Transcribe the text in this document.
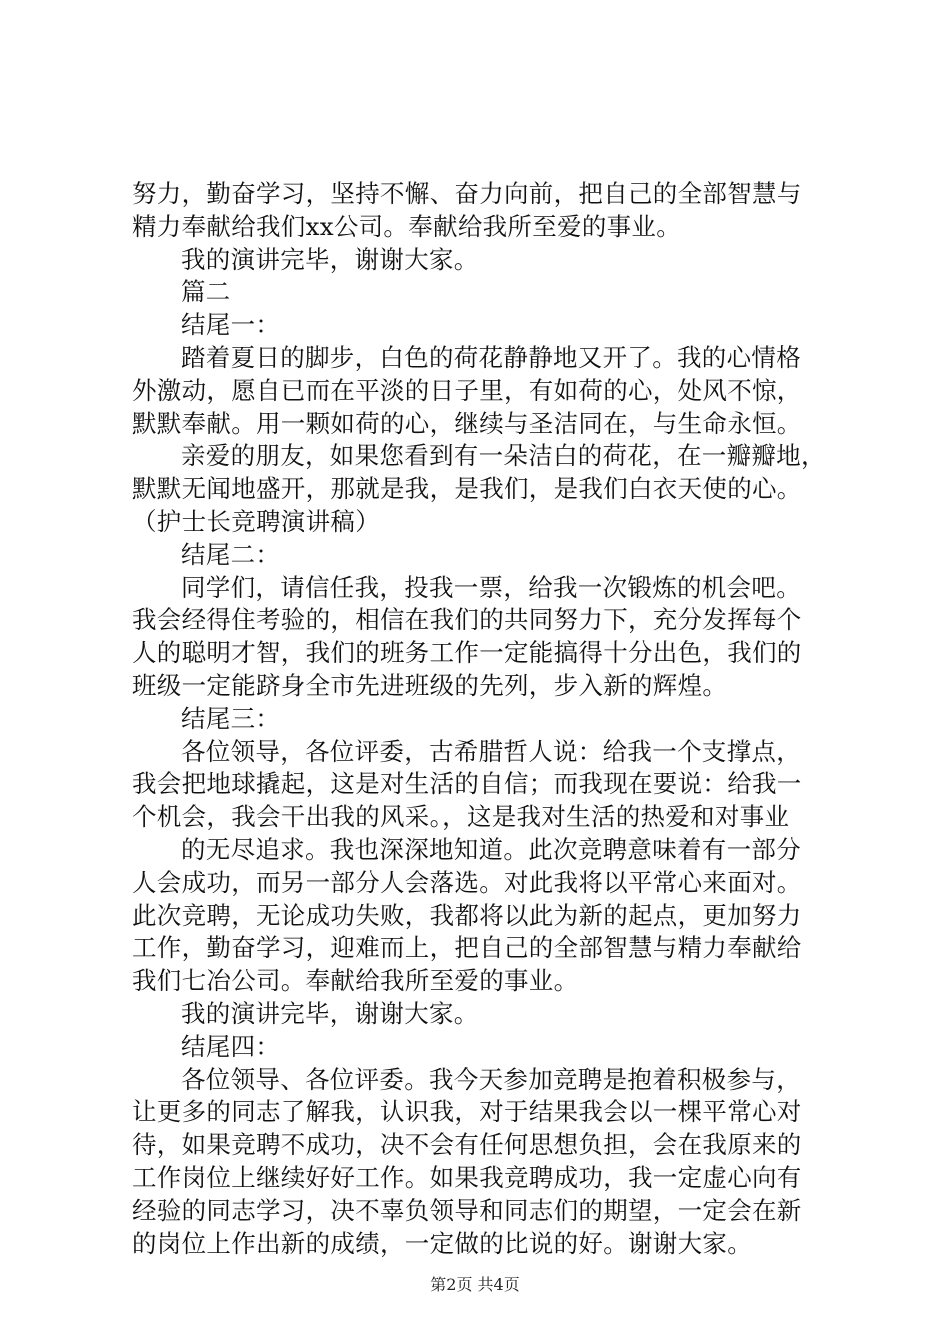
努力，勤奋学习，坚持不懈、奋力向前，把自己的全部智慧与
精力奉献给我们xx公司。奉献给我所至爱的事业。
我的演讲完毕，谢谢大家。
篇二
结尾一：
踏着夏日的脚步，白色的荷花静静地又开了。我的心情格
外激动，愿自已而在平淡的日子里，有如荷的心，处风不惊，
默默奉献。用一颗如荷的心，继续与圣洁同在，与生命永恒。
亲爱的朋友，如果您看到有一朵洁白的荷花，在一瓣瓣地，
默默无闻地盛开，那就是我，是我们，是我们白衣天使的心。
（护士长竞聘演讲稿）
结尾二：
同学们，请信任我，投我一票，给我一次锻炼的机会吧。
我会经得住考验的，相信在我们的共同努力下，充分发挥每个
人的聪明才智，我们的班务工作一定能搞得十分出色，我们的
班级一定能跻身全市先进班级的先列，步入新的辉煌。
结尾三：
各位领导，各位评委，古希腊哲人说：给我一个支撑点，
我会把地球撬起，这是对生活的自信；而我现在要说：给我一
个机会，我会干出我的风采。，这是我对生活的热爱和对事业
的无尽追求。我也深深地知道。此次竞聘意味着有一部分
人会成功，而另一部分人会落选。对此我将以平常心来面对。
此次竞聘，无论成功失败，我都将以此为新的起点，更加努力
工作，勤奋学习，迎难而上，把自己的全部智慧与精力奉献给
我们七冶公司。奉献给我所至爱的事业。
我的演讲完毕，谢谢大家。
结尾四：
各位领导、各位评委。我今天参加竞聘是抱着积极参与，
让更多的同志了解我，认识我，对于结果我会以一棵平常心对
待，如果竞聘不成功，决不会有任何思想负担，会在我原来的
工作岗位上继续好好工作。如果我竞聘成功，我一定虚心向有
经验的同志学习，决不辜负领导和同志们的期望，一定会在新
的岗位上作出新的成绩，一定做的比说的好。谢谢大家。
第2页 共4页
